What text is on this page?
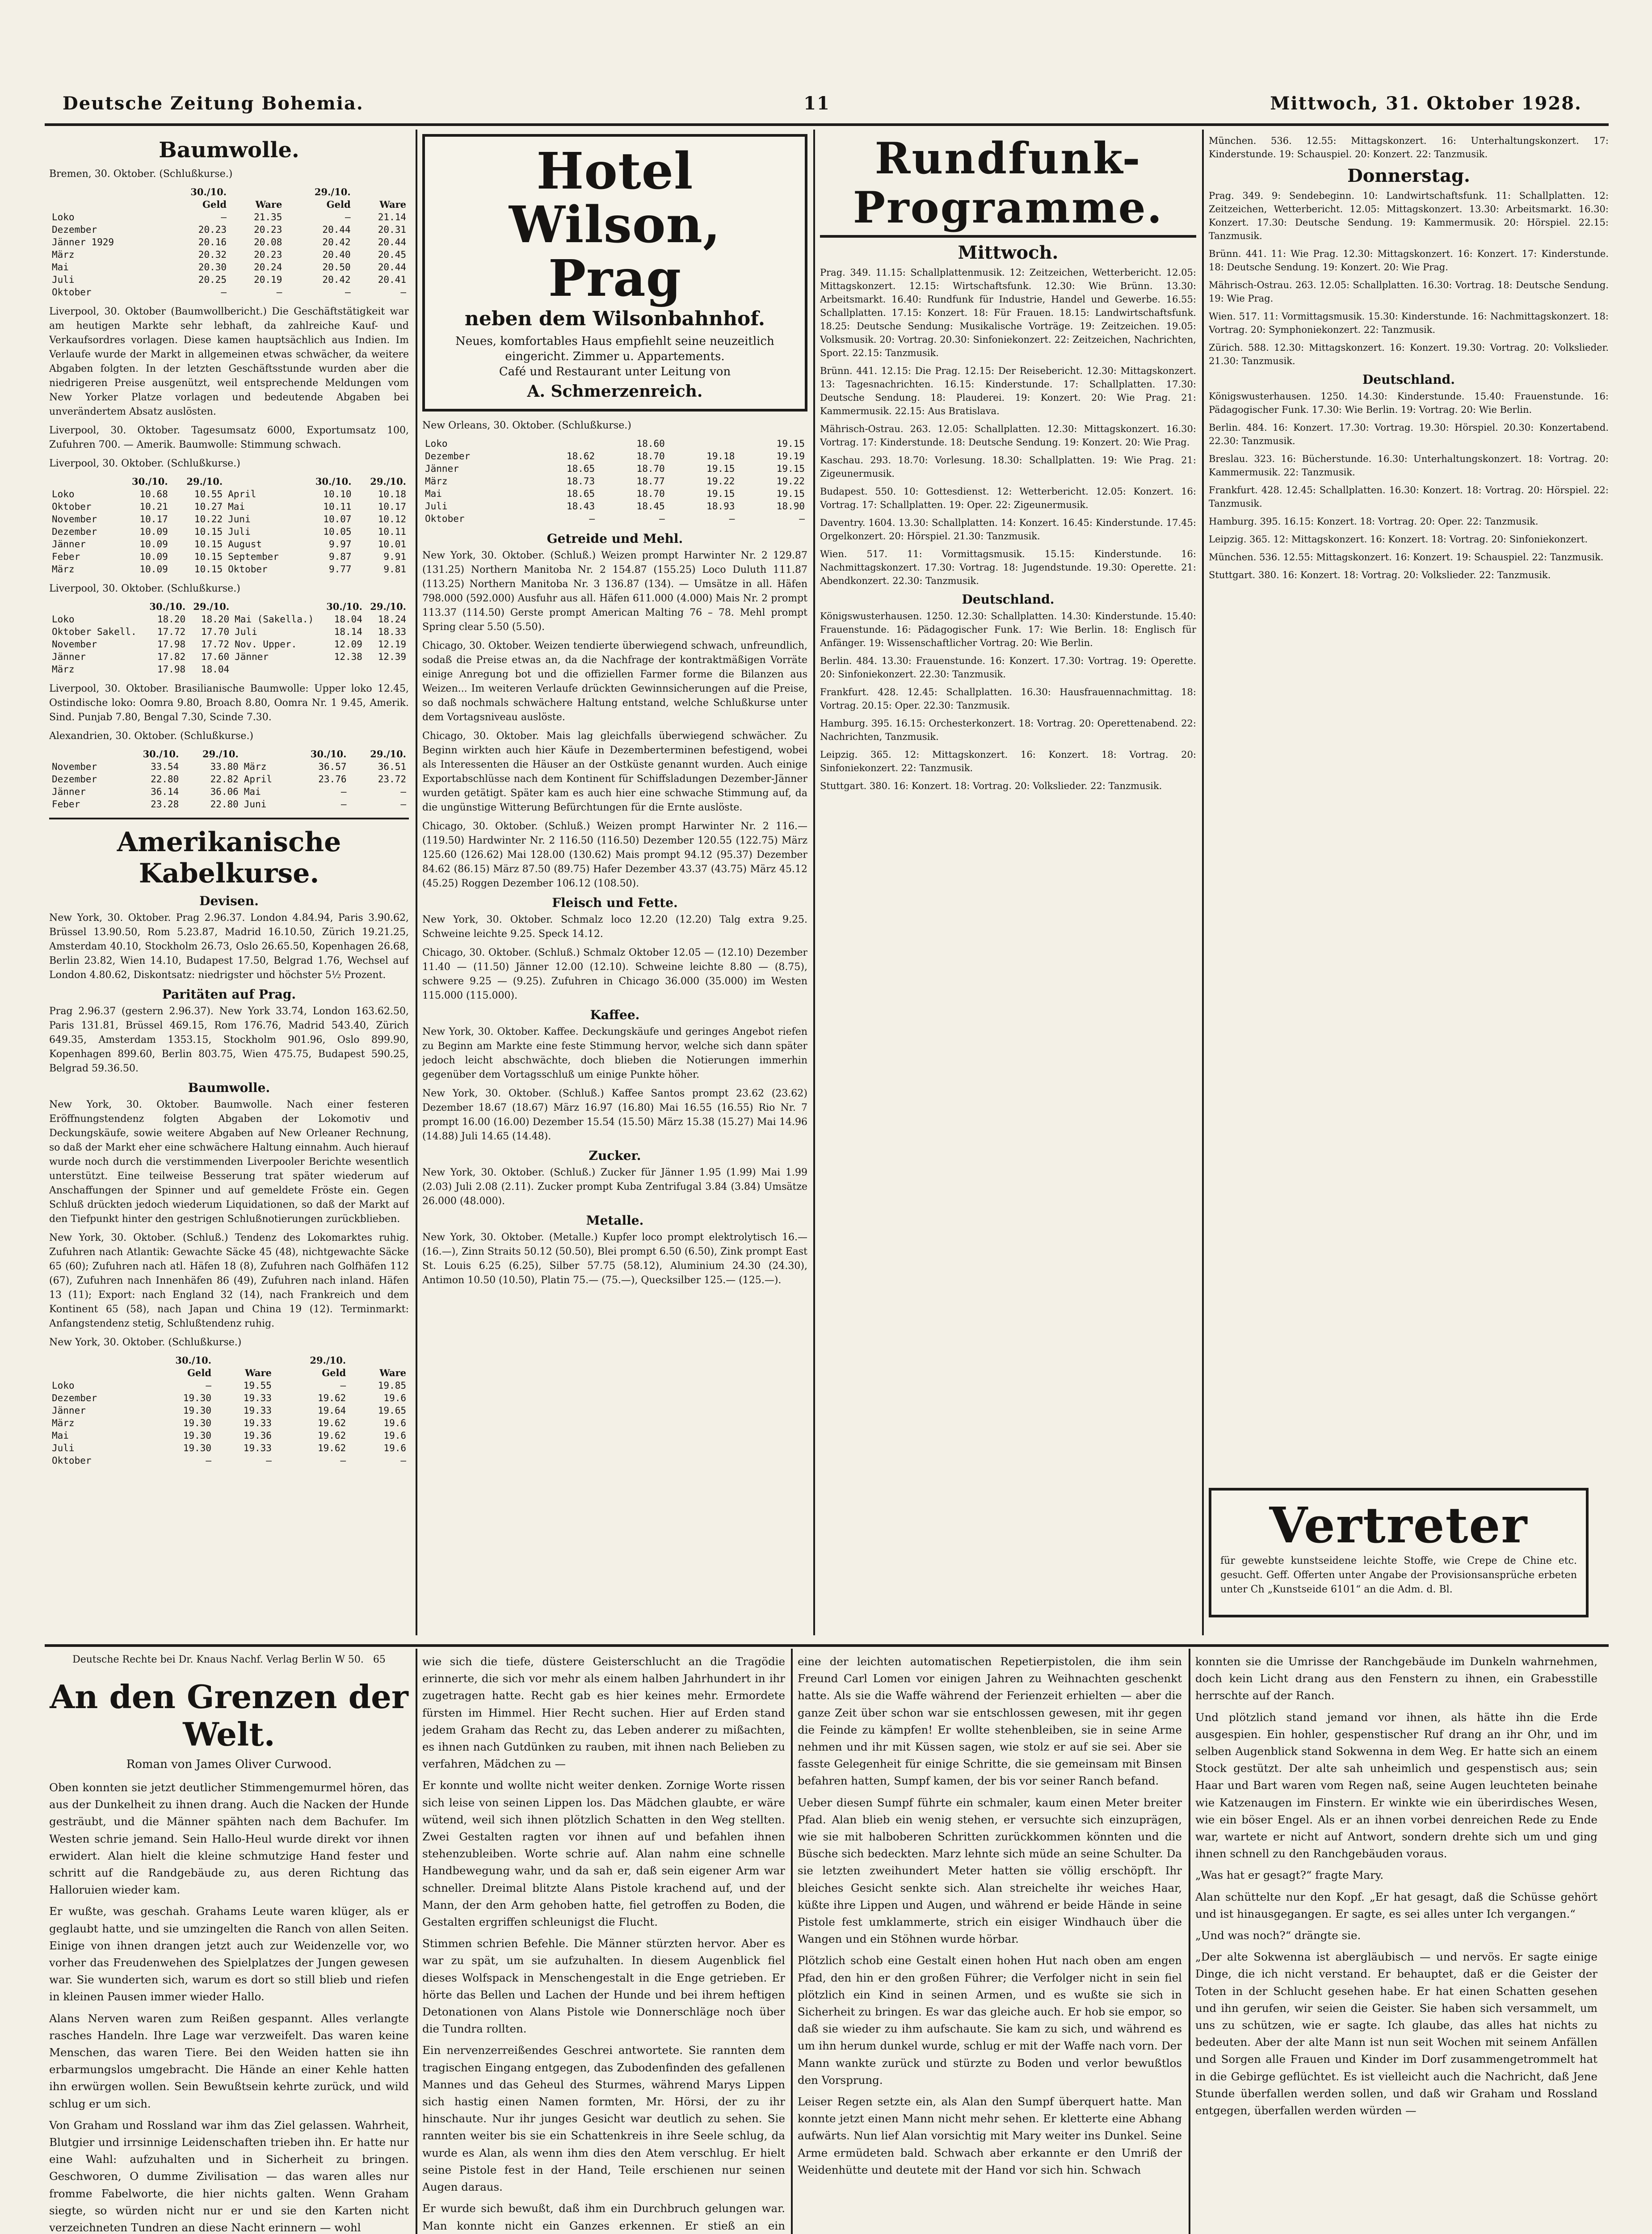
Deutsche Zeitung Bohemia.	11	Mittwoch, 31. Oktober 1928.
Baumwolle.
Bremen, 30. Oktober. (Schlußkurse.)
	30./10.		29./10.	
	Geld	Ware	Geld	Ware
Loko	—	21.35	—	21.14
Dezember	20.23	20.23	20.44	20.31
Jänner 1929	20.16	20.08	20.42	20.44
März	20.32	20.23	20.40	20.45
Mai	20.30	20.24	20.50	20.44
Juli	20.25	20.19	20.42	20.41
Oktober	—	—	—	—
Liverpool, 30. Oktober (Baumwollbericht.) Die Geschäftstätigkeit war am heutigen Markte sehr lebhaft, da zahlreiche Kauf- und Verkaufsordres vorlagen. Diese kamen hauptsächlich aus Indien. Im Verlaufe wurde der Markt in allgemeinen etwas schwächer, da weitere Abgaben folgten. In der letzten Geschäftsstunde wurden aber die niedrigeren Preise ausgenützt, weil entsprechende Meldungen vom New Yorker Platze vorlagen und bedeutende Abgaben bei unverändertem Absatz auslösten.
Liverpool, 30. Oktober. Tagesumsatz 6000, Exportumsatz 100, Zufuhren 700. — Amerik. Baumwolle: Stimmung schwach.
Liverpool, 30. Oktober. (Schlußkurse.)
	30./10.	29./10.		30./10.	29./10.
Loko	10.68	10.55	April	10.10	10.18
Oktober	10.21	10.27	Mai	10.11	10.17
November	10.17	10.22	Juni	10.07	10.12
Dezember	10.09	10.15	Juli	10.05	10.11
Jänner	10.09	10.15	August	9.97	10.01
Feber	10.09	10.15	September	9.87	9.91
März	10.09	10.15	Oktober	9.77	9.81
Liverpool, 30. Oktober. (Schlußkurse.)
	30./10.	29./10.		30./10.	29./10.
Loko	18.20	18.20	Mai (Sakella.)	18.04	18.24
Oktober Sakell.	17.72	17.70	Juli	18.14	18.33
November	17.98	17.72	Nov. Upper.	12.09	12.19
Jänner	17.82	17.60	Jänner	12.38	12.39
März	17.98	18.04			
Liverpool, 30. Oktober. Brasilianische Baumwolle: Upper loko 12.45, Ostindische loko: Oomra 9.80, Broach 8.80, Oomra Nr. 1 9.45, Amerik. Sind. Punjab 7.80, Bengal 7.30, Scinde 7.30.
Alexandrien, 30. Oktober. (Schlußkurse.)
	30./10.	29./10.		30./10.	29./10.
November	33.54	33.80	März	36.57	36.51
Dezember	22.80	22.82	April	23.76	23.72
Jänner	36.14	36.06	Mai	—	—
Feber	23.28	22.80	Juni	—	—
Amerikanische Kabelkurse.
Devisen.
New York, 30. Oktober. Prag 2.96.37. London 4.84.94, Paris 3.90.62, Brüssel 13.90.50, Rom 5.23.87, Madrid 16.10.50, Zürich 19.21.25, Amsterdam 40.10, Stockholm 26.73, Oslo 26.65.50, Kopenhagen 26.68, Berlin 23.82, Wien 14.10, Budapest 17.50, Belgrad 1.76, Wechsel auf London 4.80.62, Diskontsatz: niedrigster und höchster 5½ Prozent.
Paritäten auf Prag.
Prag 2.96.37 (gestern 2.96.37). New York 33.74, London 163.62.50, Paris 131.81, Brüssel 469.15, Rom 176.76, Madrid 543.40, Zürich 649.35, Amsterdam 1353.15, Stockholm 901.96, Oslo 899.90, Kopenhagen 899.60, Berlin 803.75, Wien 475.75, Budapest 590.25, Belgrad 59.36.50.
Baumwolle.
New York, 30. Oktober. Baumwolle. Nach einer festeren Eröffnungstendenz folgten Abgaben der Lokomotiv und Deckungskäufe, sowie weitere Abgaben auf New Orleaner Rechnung, so daß der Markt eher eine schwächere Haltung einnahm. Auch hierauf wurde noch durch die verstimmenden Liverpooler Berichte wesentlich unterstützt. Eine teilweise Besserung trat später wiederum auf Anschaffungen der Spinner und auf gemeldete Fröste ein. Gegen Schluß drückten jedoch wiederum Liquidationen, so daß der Markt auf den Tiefpunkt hinter den gestrigen Schlußnotierungen zurückblieben.
New York, 30. Oktober. (Schluß.) Tendenz des Lokomarktes ruhig. Zufuhren nach Atlantik: Gewachte Säcke 45 (48), nichtgewachte Säcke 65 (60); Zufuhren nach atl. Häfen 18 (8), Zufuhren nach Golfhäfen 112 (67), Zufuhren nach Innenhäfen 86 (49), Zufuhren nach inland. Häfen 13 (11); Export: nach England 32 (14), nach Frankreich und dem Kontinent 65 (58), nach Japan und China 19 (12). Terminmarkt: Anfangstendenz stetig, Schlußtendenz ruhig.
New York, 30. Oktober. (Schlußkurse.)
	30./10.		29./10.	
	Geld	Ware	Geld	Ware
Loko	—	19.55	—	19.85
Dezember	19.30	19.33	19.62	19.6
Jänner	19.30	19.33	19.64	19.65
März	19.30	19.33	19.62	19.6
Mai	19.30	19.36	19.62	19.6
Juli	19.30	19.33	19.62	19.6
Oktober	—	—	—	—
Hotel Wilson, Prag
neben dem Wilsonbahnhof.
Neues, komfortables Haus empfiehlt seine neuzeitlich eingericht. Zimmer u. Appartements.
Café und Restaurant unter Leitung von
A. Schmerzenreich.
New Orleans, 30. Oktober. (Schlußkurse.)
Loko		18.60		19.15
Dezember	18.62	18.70	19.18	19.19
Jänner	18.65	18.70	19.15	19.15
März	18.73	18.77	19.22	19.22
Mai	18.65	18.70	19.15	19.15
Juli	18.43	18.45	18.93	18.90
Oktober	—	—	—	—
Getreide und Mehl.
New York, 30. Oktober. (Schluß.) Weizen prompt Harwinter Nr. 2 129.87 (131.25) Northern Manitoba Nr. 2 154.87 (155.25) Loco Duluth 111.87 (113.25) Northern Manitoba Nr. 3 136.87 (134). — Umsätze in all. Häfen 798.000 (592.000) Ausfuhr aus all. Häfen 611.000 (4.000) Mais Nr. 2 prompt 113.37 (114.50) Gerste prompt American Malting 76 – 78. Mehl prompt Spring clear 5.50 (5.50).
Chicago, 30. Oktober. Weizen tendierte überwiegend schwach, unfreundlich, sodaß die Preise etwas an, da die Nachfrage der kontraktmäßigen Vorräte einige Anregung bot und die offiziellen Farmer forme die Bilanzen aus Weizen... Im weiteren Verlaufe drückten Gewinnsicherungen auf die Preise, so daß nochmals schwächere Haltung entstand, welche Schlußkurse unter dem Vortagsniveau auslöste.
Chicago, 30. Oktober. Mais lag gleichfalls überwiegend schwächer. Zu Beginn wirkten auch hier Käufe in Dezemberterminen befestigend, wobei als Interessenten die Häuser an der Ostküste genannt wurden. Auch einige Exportabschlüsse nach dem Kontinent für Schiffsladungen Dezember-Jänner wurden getätigt. Später kam es auch hier eine schwache Stimmung auf, da die ungünstige Witterung Befürchtungen für die Ernte auslöste.
Chicago, 30. Oktober. (Schluß.) Weizen prompt Harwinter Nr. 2 116.— (119.50) Hardwinter Nr. 2 116.50 (116.50) Dezember 120.55 (122.75) März 125.60 (126.62) Mai 128.00 (130.62) Mais prompt 94.12 (95.37) Dezember 84.62 (86.15) März 87.50 (89.75) Hafer Dezember 43.37 (43.75) März 45.12 (45.25) Roggen Dezember 106.12 (108.50).
Fleisch und Fette.
New York, 30. Oktober. Schmalz loco 12.20 (12.20) Talg extra 9.25. Schweine leichte 9.25. Speck 14.12.
Chicago, 30. Oktober. (Schluß.) Schmalz Oktober 12.05 — (12.10) Dezember 11.40 — (11.50) Jänner 12.00 (12.10). Schweine leichte 8.80 — (8.75), schwere 9.25 — (9.25). Zufuhren in Chicago 36.000 (35.000) im Westen 115.000 (115.000).
Kaffee.
New York, 30. Oktober. Kaffee. Deckungskäufe und geringes Angebot riefen zu Beginn am Markte eine feste Stimmung hervor, welche sich dann später jedoch leicht abschwächte, doch blieben die Notierungen immerhin gegenüber dem Vortagsschluß um einige Punkte höher.
New York, 30. Oktober. (Schluß.) Kaffee Santos prompt 23.62 (23.62) Dezember 18.67 (18.67) März 16.97 (16.80) Mai 16.55 (16.55) Rio Nr. 7 prompt 16.00 (16.00) Dezember 15.54 (15.50) März 15.38 (15.27) Mai 14.96 (14.88) Juli 14.65 (14.48).
Zucker.
New York, 30. Oktober. (Schluß.) Zucker für Jänner 1.95 (1.99) Mai 1.99 (2.03) Juli 2.08 (2.11). Zucker prompt Kuba Zentrifugal 3.84 (3.84) Umsätze 26.000 (48.000).
Metalle.
New York, 30. Oktober. (Metalle.) Kupfer loco prompt elektrolytisch 16.— (16.—), Zinn Straits 50.12 (50.50), Blei prompt 6.50 (6.50), Zink prompt East St. Louis 6.25 (6.25), Silber 57.75 (58.12), Aluminium 24.30 (24.30), Antimon 10.50 (10.50), Platin 75.— (75.—), Quecksilber 125.— (125.—).
Rundfunk-Programme.
Mittwoch.
Prag. 349. 11.15: Schallplattenmusik. 12: Zeitzeichen, Wetterbericht. 12.05: Mittagskonzert. 12.15: Wirtschaftsfunk. 12.30: Wie Brünn. 13.30: Arbeitsmarkt. 16.40: Rundfunk für Industrie, Handel und Gewerbe. 16.55: Schallplatten. 17.15: Konzert. 18: Für Frauen. 18.15: Landwirtschaftsfunk. 18.25: Deutsche Sendung: Musikalische Vorträge. 19: Zeitzeichen. 19.05: Volksmusik. 20: Vortrag. 20.30: Sinfoniekonzert. 22: Zeitzeichen, Nachrichten, Sport. 22.15: Tanzmusik.
Brünn. 441. 12.15: Die Prag. 12.15: Der Reisebericht. 12.30: Mittagskonzert. 13: Tagesnachrichten. 16.15: Kinderstunde. 17: Schallplatten. 17.30: Deutsche Sendung. 18: Plauderei. 19: Konzert. 20: Wie Prag. 21: Kammermusik. 22.15: Aus Bratislava.
Mährisch-Ostrau. 263. 12.05: Schallplatten. 12.30: Mittagskonzert. 16.30: Vortrag. 17: Kinderstunde. 18: Deutsche Sendung. 19: Konzert. 20: Wie Prag.
Kaschau. 293. 18.70: Vorlesung. 18.30: Schallplatten. 19: Wie Prag. 21: Zigeunermusik.
Budapest. 550. 10: Gottesdienst. 12: Wetterbericht. 12.05: Konzert. 16: Vortrag. 17: Schallplatten. 19: Oper. 22: Zigeunermusik.
Daventry. 1604. 13.30: Schallplatten. 14: Konzert. 16.45: Kinderstunde. 17.45: Orgelkonzert. 20: Hörspiel. 21.30: Tanzmusik.
Wien. 517. 11: Vormittagsmusik. 15.15: Kinderstunde. 16: Nachmittagskonzert. 17.30: Vortrag. 18: Jugendstunde. 19.30: Operette. 21: Abendkonzert. 22.30: Tanzmusik.
Deutschland.
Königswusterhausen. 1250. 12.30: Schallplatten. 14.30: Kinderstunde. 15.40: Frauenstunde. 16: Pädagogischer Funk. 17: Wie Berlin. 18: Englisch für Anfänger. 19: Wissenschaftlicher Vortrag. 20: Wie Berlin.
Berlin. 484. 13.30: Frauenstunde. 16: Konzert. 17.30: Vortrag. 19: Operette. 20: Sinfoniekonzert. 22.30: Tanzmusik.
Frankfurt. 428. 12.45: Schallplatten. 16.30: Hausfrauennachmittag. 18: Vortrag. 20.15: Oper. 22.30: Tanzmusik.
Hamburg. 395. 16.15: Orchesterkonzert. 18: Vortrag. 20: Operettenabend. 22: Nachrichten, Tanzmusik.
Leipzig. 365. 12: Mittagskonzert. 16: Konzert. 18: Vortrag. 20: Sinfoniekonzert. 22: Tanzmusik.
Stuttgart. 380. 16: Konzert. 18: Vortrag. 20: Volkslieder. 22: Tanzmusik.
München. 536. 12.55: Mittagskonzert. 16: Unterhaltungskonzert. 17: Kinderstunde. 19: Schauspiel. 20: Konzert. 22: Tanzmusik.
Donnerstag.
Prag. 349. 9: Sendebeginn. 10: Landwirtschaftsfunk. 11: Schallplatten. 12: Zeitzeichen, Wetterbericht. 12.05: Mittagskonzert. 13.30: Arbeitsmarkt. 16.30: Konzert. 17.30: Deutsche Sendung. 19: Kammermusik. 20: Hörspiel. 22.15: Tanzmusik.
Brünn. 441. 11: Wie Prag. 12.30: Mittagskonzert. 16: Konzert. 17: Kinderstunde. 18: Deutsche Sendung. 19: Konzert. 20: Wie Prag.
Mährisch-Ostrau. 263. 12.05: Schallplatten. 16.30: Vortrag. 18: Deutsche Sendung. 19: Wie Prag.
Wien. 517. 11: Vormittagsmusik. 15.30: Kinderstunde. 16: Nachmittagskonzert. 18: Vortrag. 20: Symphoniekonzert. 22: Tanzmusik.
Zürich. 588. 12.30: Mittagskonzert. 16: Konzert. 19.30: Vortrag. 20: Volkslieder. 21.30: Tanzmusik.
Deutschland.
Königswusterhausen. 1250. 14.30: Kinderstunde. 15.40: Frauenstunde. 16: Pädagogischer Funk. 17.30: Wie Berlin. 19: Vortrag. 20: Wie Berlin.
Berlin. 484. 16: Konzert. 17.30: Vortrag. 19.30: Hörspiel. 20.30: Konzertabend. 22.30: Tanzmusik.
Breslau. 323. 16: Bücherstunde. 16.30: Unterhaltungskonzert. 18: Vortrag. 20: Kammermusik. 22: Tanzmusik.
Frankfurt. 428. 12.45: Schallplatten. 16.30: Konzert. 18: Vortrag. 20: Hörspiel. 22: Tanzmusik.
Hamburg. 395. 16.15: Konzert. 18: Vortrag. 20: Oper. 22: Tanzmusik.
Leipzig. 365. 12: Mittagskonzert. 16: Konzert. 18: Vortrag. 20: Sinfoniekonzert.
München. 536. 12.55: Mittagskonzert. 16: Konzert. 19: Schauspiel. 22: Tanzmusik.
Stuttgart. 380. 16: Konzert. 18: Vortrag. 20: Volkslieder. 22: Tanzmusik.
Vertreter
für gewebte kunstseidene leichte Stoffe, wie Crepe de Chine etc. gesucht. Geff. Offerten unter Angabe der Provisionsansprüche erbeten unter Ch „Kunstseide 6101“ an die Adm. d. Bl.
Deutsche Rechte bei Dr. Knaus Nachf. Verlag Berlin W 50. 65
An den Grenzen der Welt.
Roman von James Oliver Curwood.
Oben konnten sie jetzt deutlicher Stimmengemurmel hören, das aus der Dunkelheit zu ihnen drang. Auch die Nacken der Hunde gesträubt, und die Männer spähten nach dem Bachufer. Im Westen schrie jemand. Sein Hallo-Heul wurde direkt vor ihnen erwidert. Alan hielt die kleine schmutzige Hand fester und schritt auf die Randgebäude zu, aus deren Richtung das Halloruien wieder kam.
Er wußte, was geschah. Grahams Leute waren klüger, als er geglaubt hatte, und sie umzingelten die Ranch von allen Seiten. Einige von ihnen drangen jetzt auch zur Weidenzelle vor, wo vorher das Freudenwehen des Spielplatzes der Jungen gewesen war. Sie wunderten sich, warum es dort so still blieb und riefen in kleinen Pausen immer wieder Hallo.
Alans Nerven waren zum Reißen gespannt. Alles verlangte rasches Handeln. Ihre Lage war verzweifelt. Das waren keine Menschen, das waren Tiere. Bei den Weiden hatten sie ihn erbarmungslos umgebracht. Die Hände an einer Kehle hatten ihn erwürgen wollen. Sein Bewußtsein kehrte zurück, und wild schlug er um sich.
Von Graham und Rossland war ihm das Ziel gelassen. Wahrheit, Blutgier und irrsinnige Leidenschaften trieben ihn. Er hatte nur eine Wahl: aufzuhalten und in Sicherheit zu bringen. Geschworen, O dumme Zivilisation — das waren alles nur fromme Fabelworte, die hier nichts galten. Wenn Graham siegte, so würden nicht nur er und sie den Karten nicht verzeichneten Tundren an diese Nacht erinnern — wohl
wie sich die tiefe, düstere Geisterschlucht an die Tragödie erinnerte, die sich vor mehr als einem halben Jahrhundert in ihr zugetragen hatte. Recht gab es hier keines mehr. Ermordete fürsten im Himmel. Hier Recht suchen. Hier auf Erden stand jedem Graham das Recht zu, das Leben anderer zu mißachten, es ihnen nach Gutdünken zu rauben, mit ihnen nach Belieben zu verfahren, Mädchen zu —
Er konnte und wollte nicht weiter denken. Zornige Worte rissen sich leise von seinen Lippen los. Das Mädchen glaubte, er wäre wütend, weil sich ihnen plötzlich Schatten in den Weg stellten. Zwei Gestalten ragten vor ihnen auf und befahlen ihnen stehenzubleiben. Worte schrie auf. Alan nahm eine schnelle Handbewegung wahr, und da sah er, daß sein eigener Arm war schneller. Dreimal blitzte Alans Pistole krachend auf, und der Mann, der den Arm gehoben hatte, fiel getroffen zu Boden, die Gestalten ergriffen schleunigst die Flucht.
Stimmen schrien Befehle. Die Männer stürzten hervor. Aber es war zu spät, um sie aufzuhalten. In diesem Augenblick fiel dieses Wolfspack in Menschengestalt in die Enge getrieben. Er hörte das Bellen und Lachen der Hunde und bei ihrem heftigen Detonationen von Alans Pistole wie Donnerschläge noch über die Tundra rollten.
Ein nervenzerreißendes Geschrei antwortete. Sie rannten dem tragischen Eingang entgegen, das Zubodenfinden des gefallenen Mannes und das Geheul des Sturmes, während Marys Lippen sich hastig einen Namen formten, Mr. Hörsi, der zu ihr hinschaute. Nur ihr junges Gesicht war deutlich zu sehen. Sie rannten weiter bis sie ein Schattenkreis in ihre Seele schlug, da wurde es Alan, als wenn ihm dies den Atem verschlug. Er hielt seine Pistole fest in der Hand, Teile erschienen nur seinen Augen daraus.
Er wurde sich bewußt, daß ihm ein Durchbruch gelungen war. Man konnte nicht ein Ganzes erkennen. Er stieß an ein
eine der leichten automatischen Repetierpistolen, die ihm sein Freund Carl Lomen vor einigen Jahren zu Weihnachten geschenkt hatte. Als sie die Waffe während der Ferienzeit erhielten — aber die ganze Zeit über schon war sie entschlossen gewesen, mit ihr gegen die Feinde zu kämpfen! Er wollte stehenbleiben, sie in seine Arme nehmen und ihr mit Küssen sagen, wie stolz er auf sie sei. Aber sie fasste Gelegenheit für einige Schritte, die sie gemeinsam mit Binsen befahren hatten, Sumpf kamen, der bis vor seiner Ranch befand.
Ueber diesen Sumpf führte ein schmaler, kaum einen Meter breiter Pfad. Alan blieb ein wenig stehen, er versuchte sich einzuprägen, wie sie mit halboberen Schritten zurückkommen könnten und die Büsche sich bedeckten. Marz lehnte sich müde an seine Schulter. Da sie letzten zweihundert Meter hatten sie völlig erschöpft. Ihr bleiches Gesicht senkte sich. Alan streichelte ihr weiches Haar, küßte ihre Lippen und Augen, und während er beide Hände in seine Pistole fest umklammerte, strich ein eisiger Windhauch über die Wangen und ein Stöhnen wurde hörbar.
Plötzlich schob eine Gestalt einen hohen Hut nach oben am engen Pfad, den hin er den großen Führer; die Verfolger nicht in sein fiel plötzlich ein Kind in seinen Armen, und es wußte sie sich in Sicherheit zu bringen. Es war das gleiche auch. Er hob sie empor, so daß sie wieder zu ihm aufschaute. Sie kam zu sich, und während es um ihn herum dunkel wurde, schlug er mit der Waffe nach vorn. Der Mann wankte zurück und stürzte zu Boden und verlor bewußtlos den Vorsprung.
Leiser Regen setzte ein, als Alan den Sumpf überquert hatte. Man konnte jetzt einen Mann nicht mehr sehen. Er kletterte eine Abhang aufwärts. Nun lief Alan vorsichtig mit Mary weiter ins Dunkel. Seine Arme ermüdeten bald. Schwach aber erkannte er den Umriß der Weidenhütte und deutete mit der Hand vor sich hin. Schwach
konnten sie die Umrisse der Ranchgebäude im Dunkeln wahrnehmen, doch kein Licht drang aus den Fenstern zu ihnen, ein Grabesstille herrschte auf der Ranch.
Und plötzlich stand jemand vor ihnen, als hätte ihn die Erde ausgespien. Ein hohler, gespenstischer Ruf drang an ihr Ohr, und im selben Augenblick stand Sokwenna in dem Weg. Er hatte sich an einem Stock gestützt. Der alte sah unheimlich und gespenstisch aus; sein Haar und Bart waren vom Regen naß, seine Augen leuchteten beinahe wie Katzenaugen im Finstern. Er winkte wie ein überirdisches Wesen, wie ein böser Engel. Als er an ihnen vorbei denreichen Rede zu Ende war, wartete er nicht auf Antwort, sondern drehte sich um und ging ihnen schnell zu den Ranchgebäuden voraus.
„Was hat er gesagt?“ fragte Mary.
Alan schüttelte nur den Kopf. „Er hat gesagt, daß die Schüsse gehört und ist hinausgegangen. Er sagte, es sei alles unter Ich vergangen.“
„Und was noch?“ drängte sie.
„Der alte Sokwenna ist abergläubisch — und nervös. Er sagte einige Dinge, die ich nicht verstand. Er behauptet, daß er die Geister der Toten in der Schlucht gesehen habe. Er hat einen Schatten gesehen und ihn gerufen, wir seien die Geister. Sie haben sich versammelt, um uns zu schützen, wie er sagte. Ich glaube, das alles hat nichts zu bedeuten. Aber der alte Mann ist nun seit Wochen mit seinem Anfällen und Sorgen alle Frauen und Kinder im Dorf zusammengetrommelt hat in die Gebirge geflüchtet. Es ist vielleicht auch die Nachricht, daß Jene Stunde überfallen werden sollen, und daß wir Graham und Rossland entgegen, überfallen werden würden —
